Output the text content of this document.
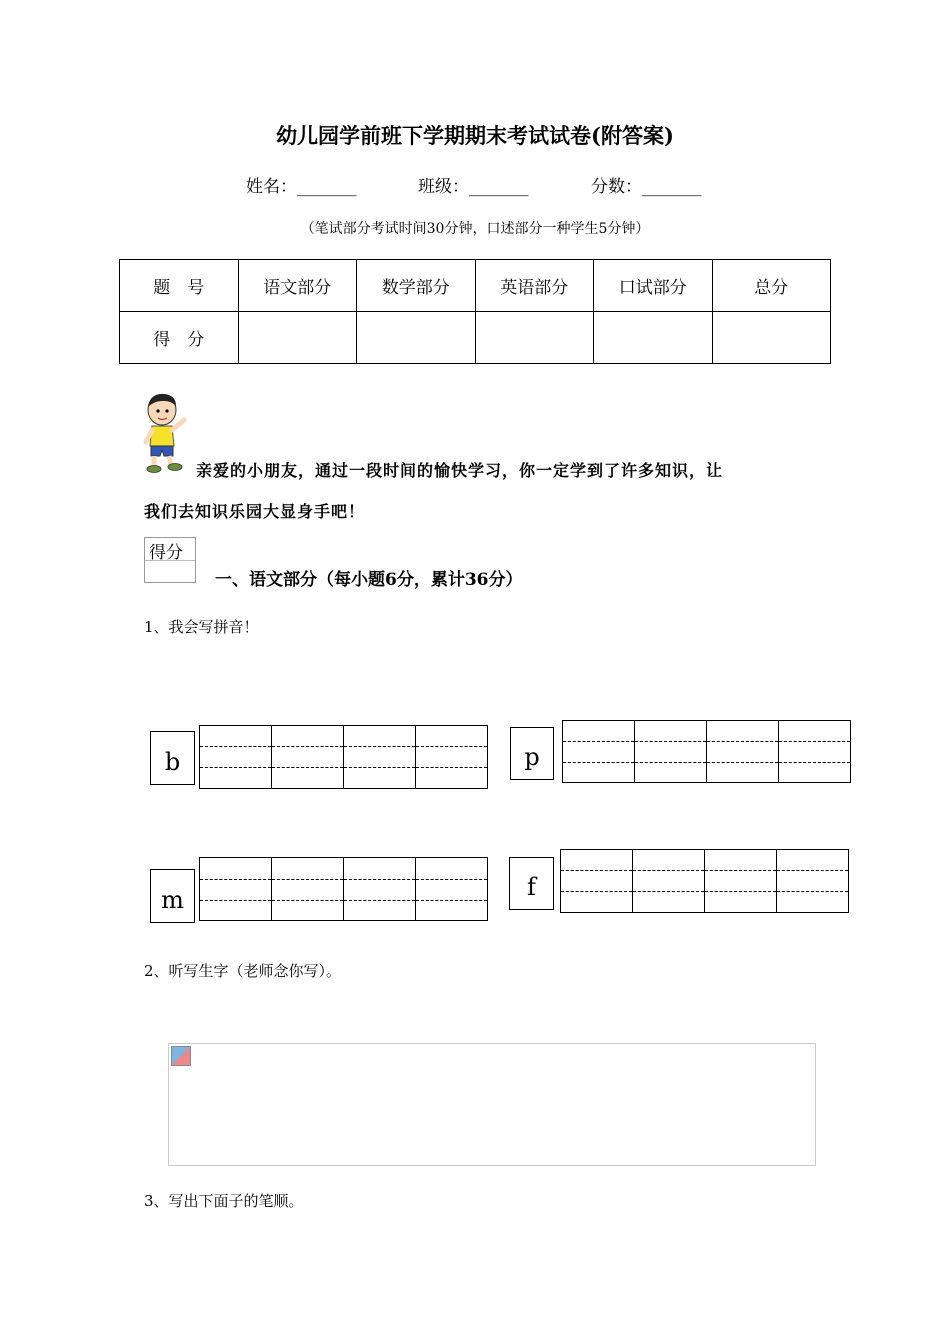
幼儿园学前班下学期期末考试试卷(附答案)
姓名：_______	班级：_______	分数：_______
（笔试部分考试时间30分钟，口述部分一种学生5分钟）
题　号	语文部分	数学部分	英语部分	口试部分	总分
得　分					
亲爱的小朋友，通过一段时间的愉快学习，你一定学到了许多知识，让
我们去知识乐园大显身手吧！
得分
一、语文部分（每小题6分，累计36分）
1、我会写拼音！
b	p
m	f
2、听写生字（老师念你写）。
3、写出下面子的笔顺。
